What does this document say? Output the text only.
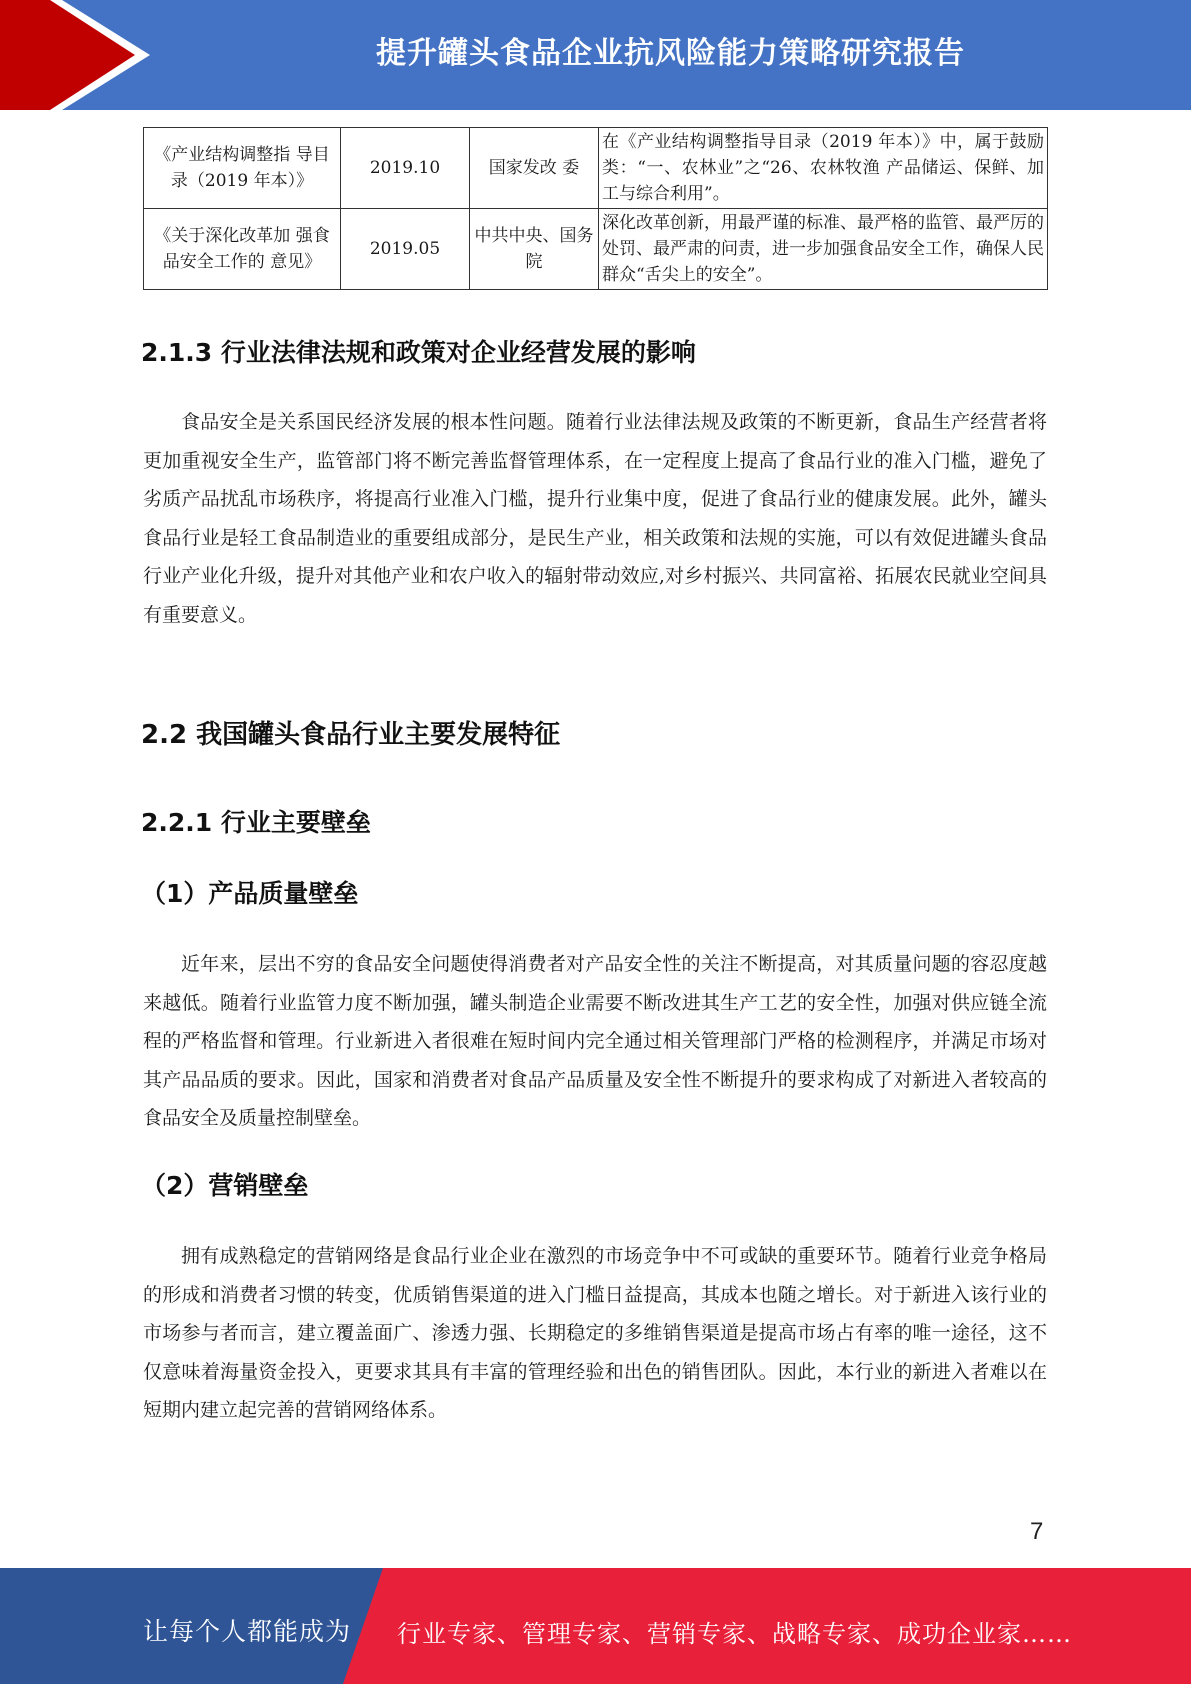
提升罐头食品企业抗风险能力策略研究报告
《产业结构调整指 导目录（2019 年本）》	2019.10	国家发改 委	在《产业结构调整指导目录（2019 年本）》中，属于鼓励类：“一、农林业”之“26、农林牧渔 产品储运、保鲜、加工与综合利用”。
《关于深化改革加 强食品安全工作的 意见》	2019.05	中共中央、国务院	深化改革创新，用最严谨的标准、最严格的监管、最严厉的处罚、最严肃的问责，进一步加强食品安全工作，确保人民群众“舌尖上的安全”。
2.1.3 行业法律法规和政策对企业经营发展的影响
食品安全是关系国民经济发展的根本性问题。随着行业法律法规及政策的不断更新，食品生产经营者将更加重视安全生产，监管部门将不断完善监督管理体系，在一定程度上提高了食品行业的准入门槛，避免了劣质产品扰乱市场秩序，将提高行业准入门槛，提升行业集中度，促进了食品行业的健康发展。此外，罐头食品行业是轻工食品制造业的重要组成部分，是民生产业，相关政策和法规的实施，可以有效促进罐头食品行业产业化升级，提升对其他产业和农户收入的辐射带动效应,对乡村振兴、共同富裕、拓展农民就业空间具有重要意义。
2.2 我国罐头食品行业主要发展特征
2.2.1 行业主要壁垒
（1）产品质量壁垒
近年来，层出不穷的食品安全问题使得消费者对产品安全性的关注不断提高，对其质量问题的容忍度越来越低。随着行业监管力度不断加强，罐头制造企业需要不断改进其生产工艺的安全性，加强对供应链全流程的严格监督和管理。行业新进入者很难在短时间内完全通过相关管理部门严格的检测程序，并满足市场对其产品品质的要求。因此，国家和消费者对食品产品质量及安全性不断提升的要求构成了对新进入者较高的食品安全及质量控制壁垒。
（2）营销壁垒
拥有成熟稳定的营销网络是食品行业企业在激烈的市场竞争中不可或缺的重要环节。随着行业竞争格局的形成和消费者习惯的转变，优质销售渠道的进入门槛日益提高，其成本也随之增长。对于新进入该行业的市场参与者而言，建立覆盖面广、渗透力强、长期稳定的多维销售渠道是提高市场占有率的唯一途径，这不仅意味着海量资金投入，更要求其具有丰富的管理经验和出色的销售团队。因此，本行业的新进入者难以在短期内建立起完善的营销网络体系。
7
让每个人都能成为 行业专家、管理专家、营销专家、战略专家、成功企业家……
